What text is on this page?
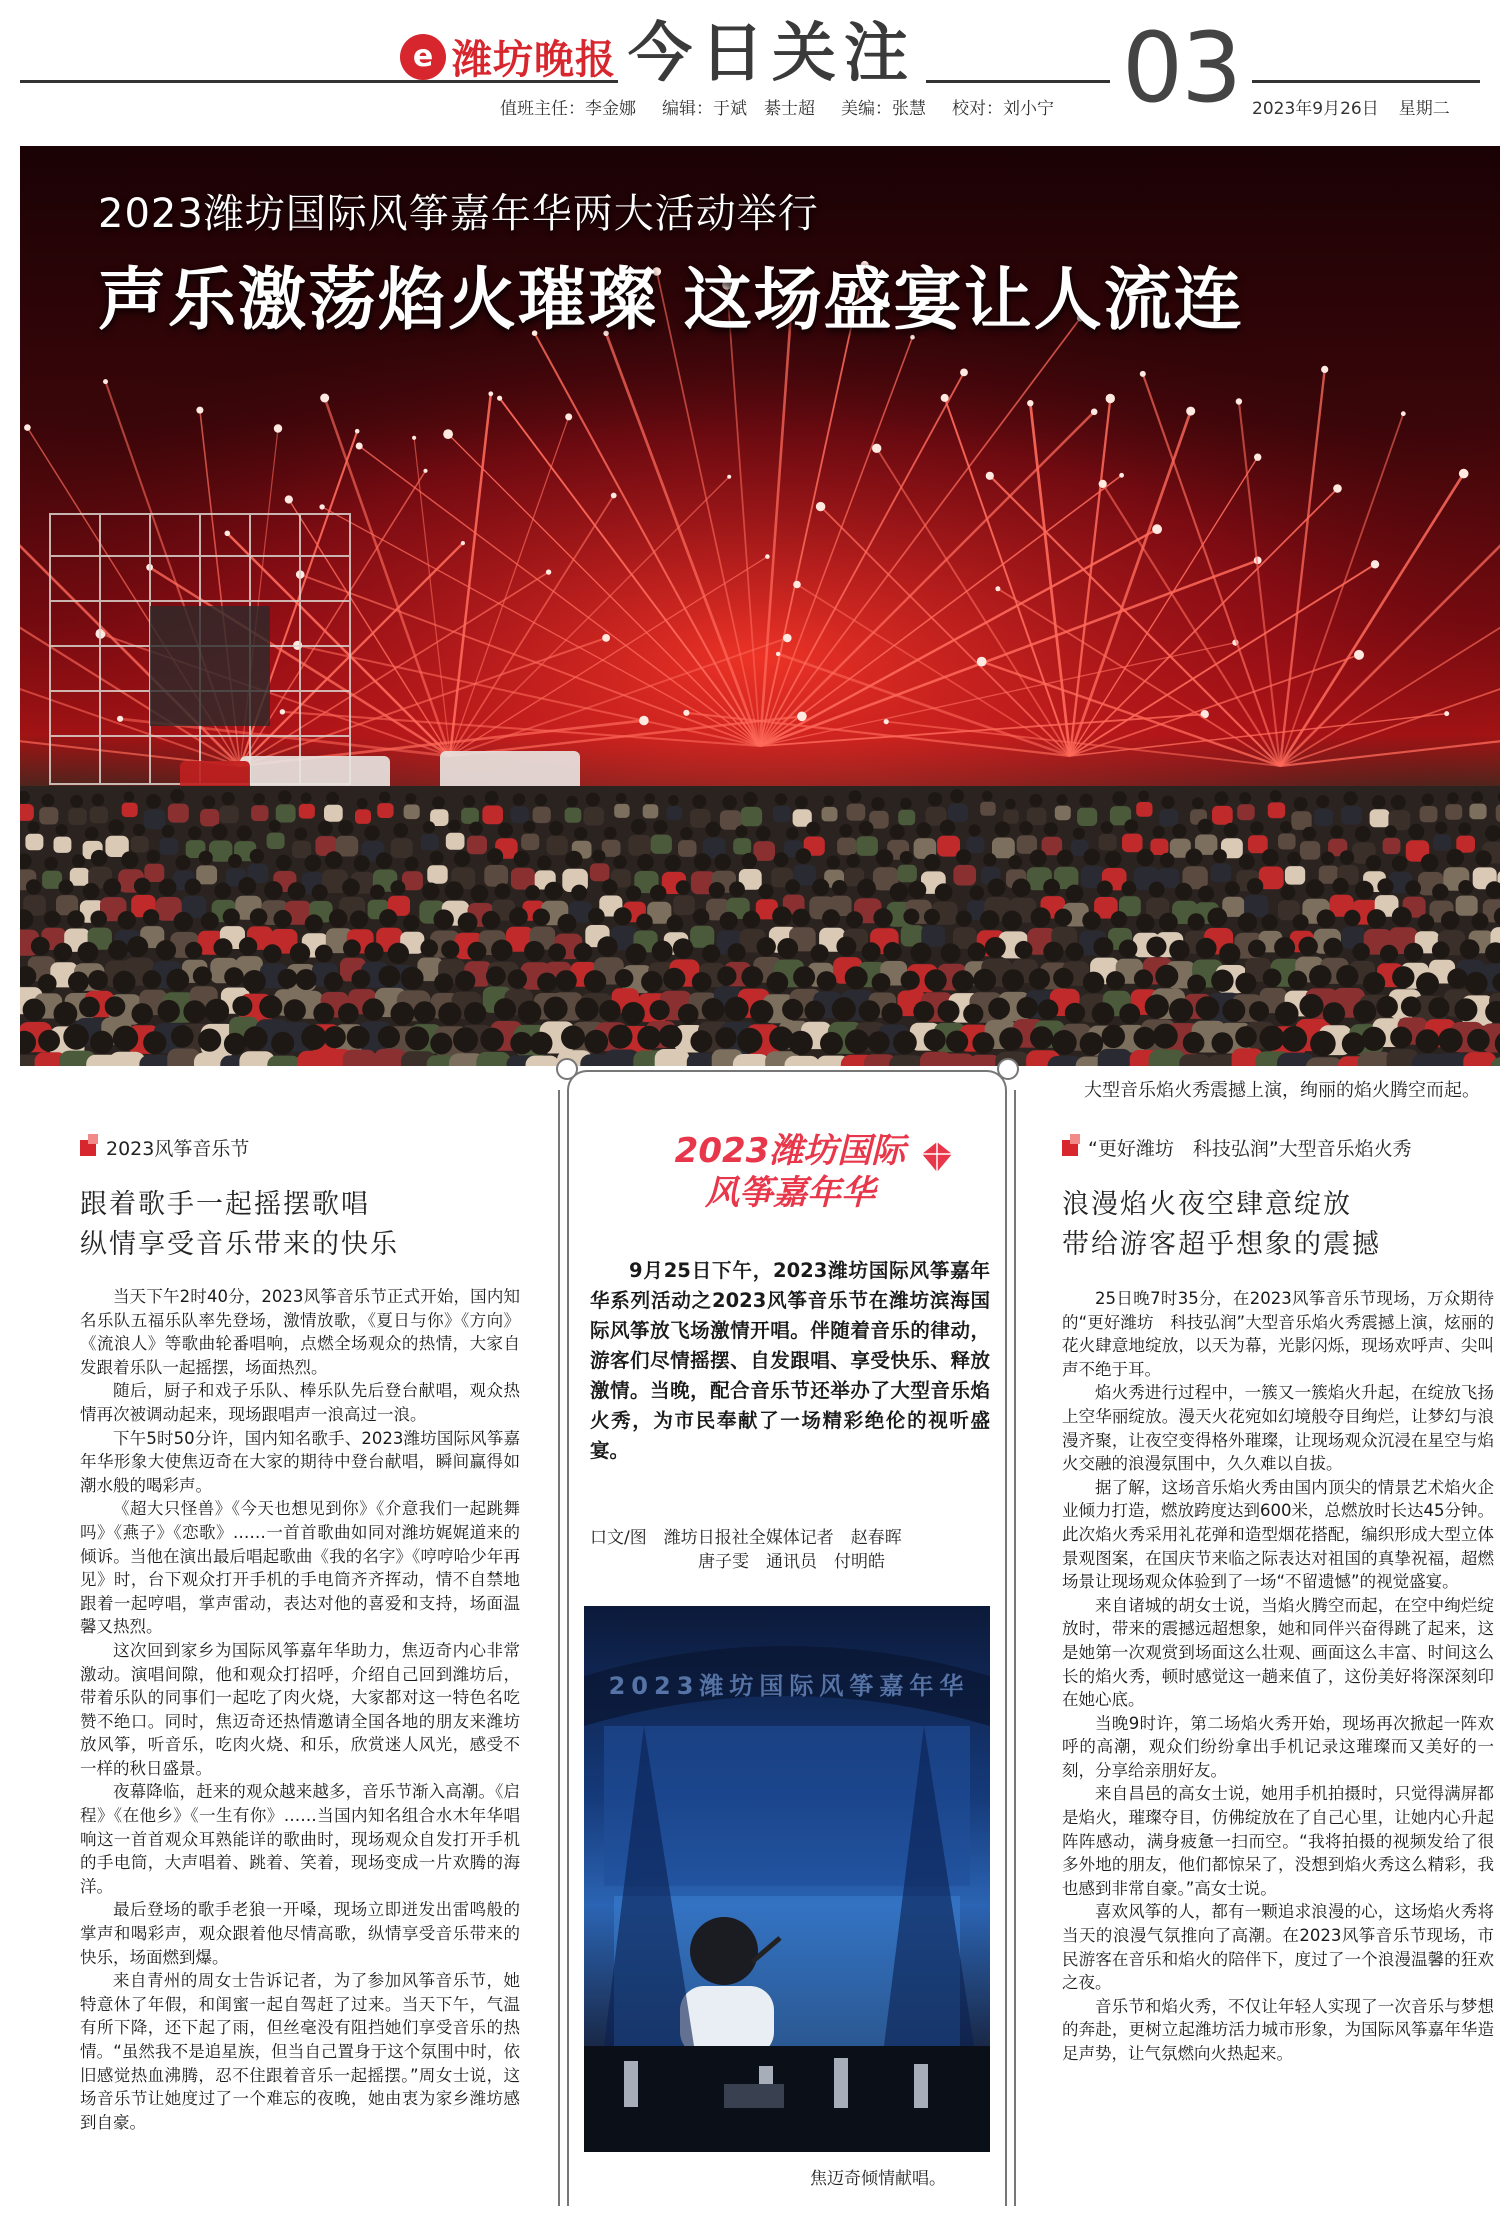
e 潍坊晚报 今日关注 03
值班主任：李金娜 编辑：于斌　綦士超 美编：张慧 校对：刘小宁	2023年9月26日 星期二
2023潍坊国际风筝嘉年华两大活动举行
声乐激荡焰火璀璨 这场盛宴让人流连
大型音乐焰火秀震撼上演，绚丽的焰火腾空而起。
2023风筝音乐节
跟着歌手一起摇摆歌唱
纵情享受音乐带来的快乐

当天下午2时40分，2023风筝音乐节正式开始，国内知名乐队五福乐队率先登场，激情放歌，《夏日与你》《方向》《流浪人》等歌曲轮番唱响，点燃全场观众的热情，大家自发跟着乐队一起摇摆，场面热烈。

随后，厨子和戏子乐队、棒乐队先后登台献唱，观众热情再次被调动起来，现场跟唱声一浪高过一浪。

下午5时50分许，国内知名歌手、2023潍坊国际风筝嘉年华形象大使焦迈奇在大家的期待中登台献唱，瞬间赢得如潮水般的喝彩声。

《超大只怪兽》《今天也想见到你》《介意我们一起跳舞吗》《燕子》《恋歌》……一首首歌曲如同对潍坊娓娓道来的倾诉。当他在演出最后唱起歌曲《我的名字》《哼哼哈少年再见》时，台下观众打开手机的手电筒齐齐挥动，情不自禁地跟着一起哼唱，掌声雷动，表达对他的喜爱和支持，场面温馨又热烈。

这次回到家乡为国际风筝嘉年华助力，焦迈奇内心非常激动。演唱间隙，他和观众打招呼，介绍自己回到潍坊后，带着乐队的同事们一起吃了肉火烧，大家都对这一特色名吃赞不绝口。同时，焦迈奇还热情邀请全国各地的朋友来潍坊放风筝，听音乐，吃肉火烧、和乐，欣赏迷人风光，感受不一样的秋日盛景。

夜幕降临，赶来的观众越来越多，音乐节渐入高潮。《启程》《在他乡》《一生有你》……当国内知名组合水木年华唱响这一首首观众耳熟能详的歌曲时，现场观众自发打开手机的手电筒，大声唱着、跳着、笑着，现场变成一片欢腾的海洋。

最后登场的歌手老狼一开嗓，现场立即迸发出雷鸣般的掌声和喝彩声，观众跟着他尽情高歌，纵情享受音乐带来的快乐，场面燃到爆。

来自青州的周女士告诉记者，为了参加风筝音乐节，她特意休了年假，和闺蜜一起自驾赶了过来。当天下午，气温有所下降，还下起了雨，但丝毫没有阻挡她们享受音乐的热情。“虽然我不是追星族，但当自己置身于这个氛围中时，依旧感觉热血沸腾，忍不住跟着音乐一起摇摆。”周女士说，这场音乐节让她度过了一个难忘的夜晚，她由衷为家乡潍坊感到自豪。

2023潍坊国际
风筝嘉年华

9月25日下午，2023潍坊国际风筝嘉年华系列活动之2023风筝音乐节在潍坊滨海国际风筝放飞场激情开唱。伴随着音乐的律动，游客们尽情摇摆、自发跟唱、享受快乐、释放激情。当晚，配合音乐节还举办了大型音乐焰火秀，为市民奉献了一场精彩绝伦的视听盛宴。

口文/图　潍坊日报社全媒体记者　赵春晖
唐子雯　通讯员　付明皓
2023潍坊国际风筝嘉年华
焦迈奇倾情献唱。
“更好潍坊　科技弘润”大型音乐焰火秀
浪漫焰火夜空肆意绽放
带给游客超乎想象的震撼

25日晚7时35分，在2023风筝音乐节现场，万众期待的“更好潍坊　科技弘润”大型音乐焰火秀震撼上演，炫丽的花火肆意地绽放，以天为幕，光影闪烁，现场欢呼声、尖叫声不绝于耳。

焰火秀进行过程中，一簇又一簇焰火升起，在绽放飞扬上空华丽绽放。漫天火花宛如幻境般夺目绚烂，让梦幻与浪漫齐聚，让夜空变得格外璀璨，让现场观众沉浸在星空与焰火交融的浪漫氛围中，久久难以自拔。

据了解，这场音乐焰火秀由国内顶尖的情景艺术焰火企业倾力打造，燃放跨度达到600米，总燃放时长达45分钟。此次焰火秀采用礼花弹和造型烟花搭配，编织形成大型立体景观图案，在国庆节来临之际表达对祖国的真挚祝福，超燃场景让现场观众体验到了一场“不留遗憾”的视觉盛宴。

来自诸城的胡女士说，当焰火腾空而起，在空中绚烂绽放时，带来的震撼远超想象，她和同伴兴奋得跳了起来，这是她第一次观赏到场面这么壮观、画面这么丰富、时间这么长的焰火秀，顿时感觉这一趟来值了，这份美好将深深刻印在她心底。

当晚9时许，第二场焰火秀开始，现场再次掀起一阵欢呼的高潮，观众们纷纷拿出手机记录这璀璨而又美好的一刻，分享给亲朋好友。

来自昌邑的高女士说，她用手机拍摄时，只觉得满屏都是焰火，璀璨夺目，仿佛绽放在了自己心里，让她内心升起阵阵感动，满身疲惫一扫而空。“我将拍摄的视频发给了很多外地的朋友，他们都惊呆了，没想到焰火秀这么精彩，我也感到非常自豪。”高女士说。

喜欢风筝的人，都有一颗追求浪漫的心，这场焰火秀将当天的浪漫气氛推向了高潮。在2023风筝音乐节现场，市民游客在音乐和焰火的陪伴下，度过了一个浪漫温馨的狂欢之夜。

音乐节和焰火秀，不仅让年轻人实现了一次音乐与梦想的奔赴，更树立起潍坊活力城市形象，为国际风筝嘉年华造足声势，让气氛燃向火热起来。
